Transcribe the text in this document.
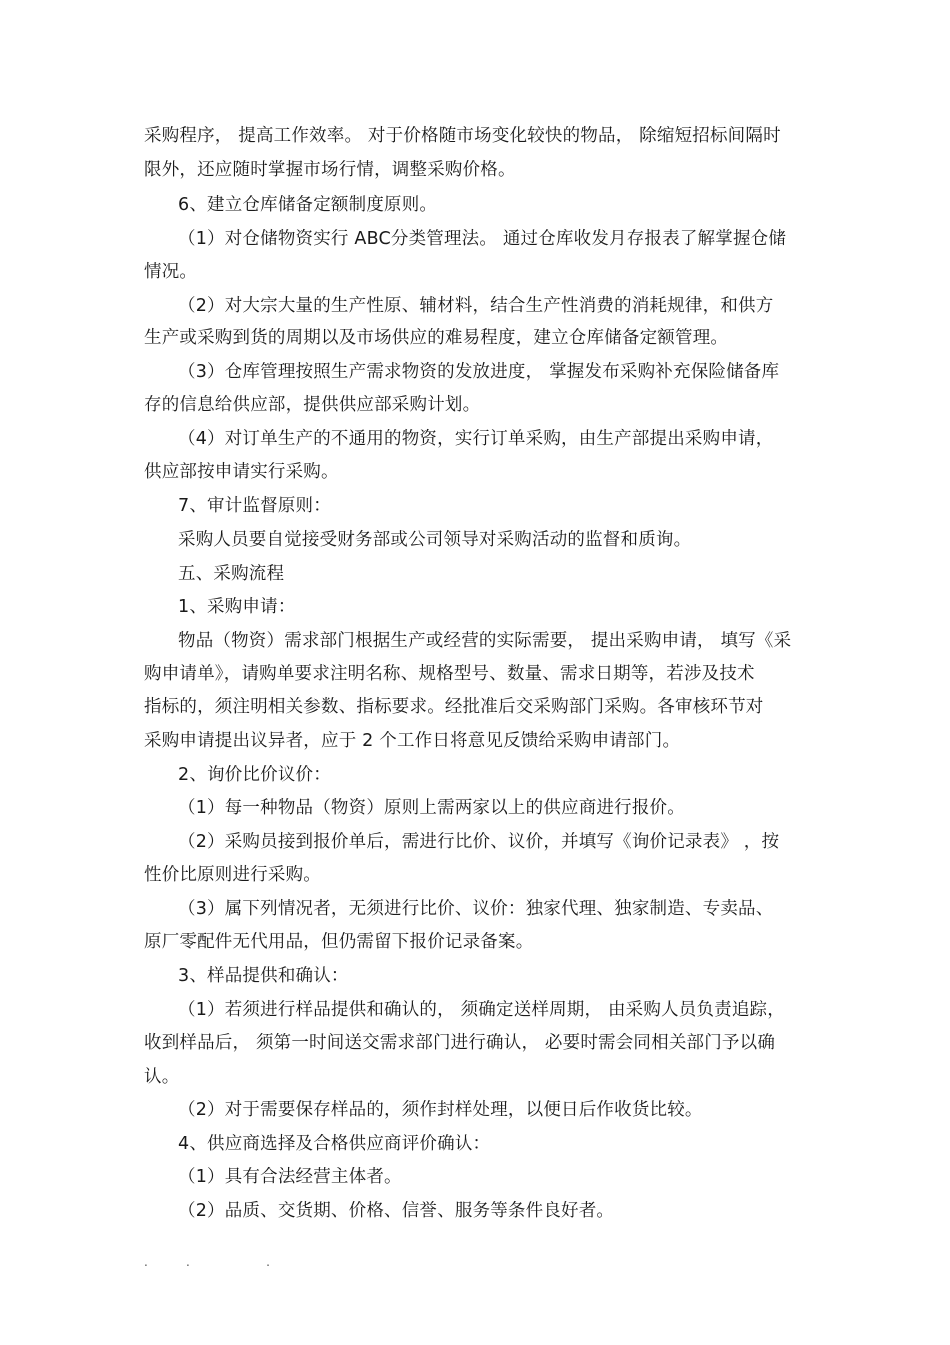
采购程序， 提高工作效率。 对于价格随市场变化较快的物品， 除缩短招标间隔时
限外，还应随时掌握市场行情，调整采购价格。
6、建立仓库储备定额制度原则。
（1）对仓储物资实行 ABC分类管理法。 通过仓库收发月存报表了解掌握仓储
情况。
（2）对大宗大量的生产性原、辅材料，结合生产性消费的消耗规律，和供方
生产或采购到货的周期以及市场供应的难易程度，建立仓库储备定额管理。
（3）仓库管理按照生产需求物资的发放进度， 掌握发布采购补充保险储备库
存的信息给供应部，提供供应部采购计划。
（4）对订单生产的不通用的物资，实行订单采购，由生产部提出采购申请，
供应部按申请实行采购。
7、审计监督原则：
采购人员要自觉接受财务部或公司领导对采购活动的监督和质询。
五、采购流程
1、采购申请：
物品（物资）需求部门根据生产或经营的实际需要， 提出采购申请， 填写《采
购申请单》，请购单要求注明名称、规格型号、数量、需求日期等，若涉及技术
指标的，须注明相关参数、指标要求。经批准后交采购部门采购。各审核环节对
采购申请提出议异者，应于 2 个工作日将意见反馈给采购申请部门。
2、询价比价议价：
（1）每一种物品（物资）原则上需两家以上的供应商进行报价。
（2）采购员接到报价单后，需进行比价、议价，并填写《询价记录表》 ，按
性价比原则进行采购。
（3）属下列情况者，无须进行比价、议价：独家代理、独家制造、专卖品、
原厂零配件无代用品，但仍需留下报价记录备案。
3、样品提供和确认：
（1）若须进行样品提供和确认的， 须确定送样周期， 由采购人员负责追踪，
收到样品后， 须第一时间送交需求部门进行确认， 必要时需会同相关部门予以确
认。
（2）对于需要保存样品的，须作封样处理，以便日后作收货比较。
4、供应商选择及合格供应商评价确认：
（1）具有合法经营主体者。
（2）品质、交货期、价格、信誉、服务等条件良好者。
.          .                    .
